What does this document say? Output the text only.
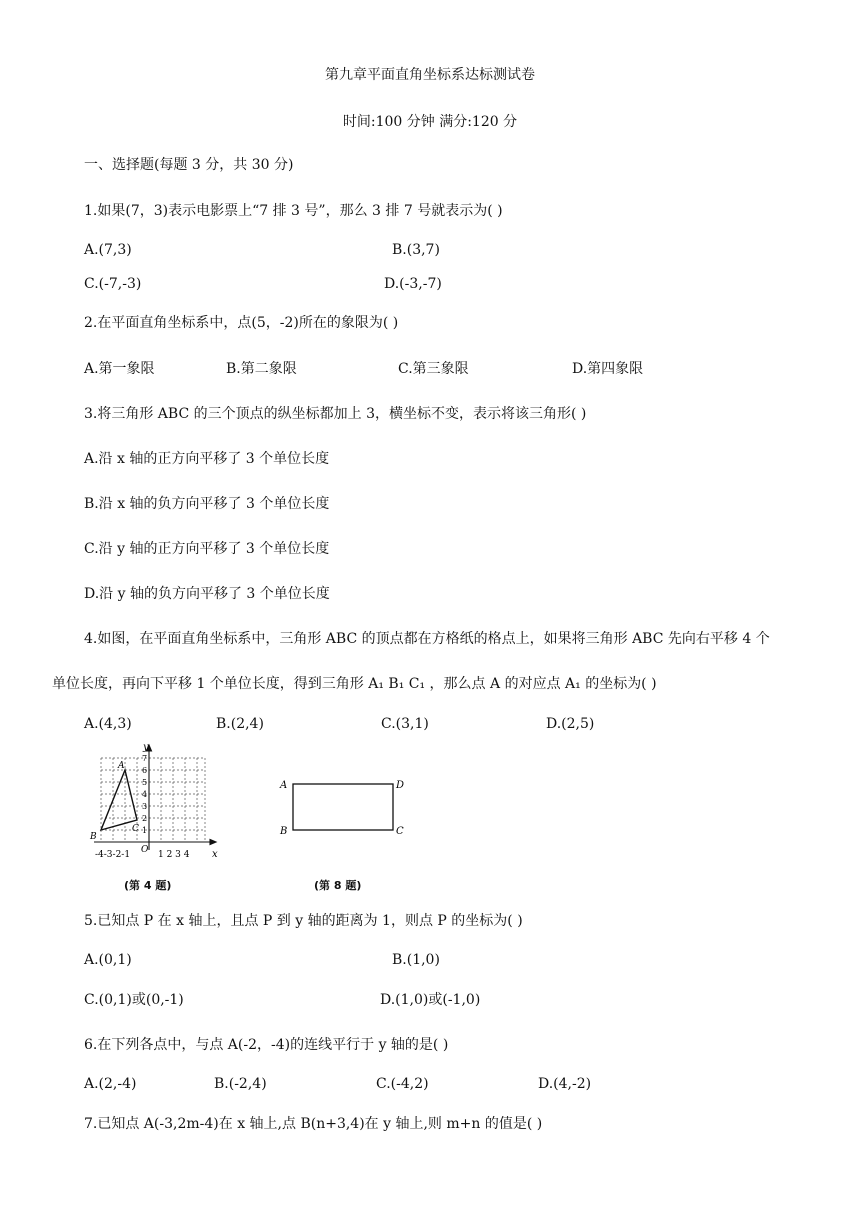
第九章平面直角坐标系达标测试卷
时间:100 分钟 满分:120 分
一、选择题(每题 3 分，共 30 分)
1.如果(7，3)表示电影票上“7 排 3 号”，那么 3 排 7 号就表示为( )
A.(7,3)	B.(3,7)
C.(-7,-3)	D.(-3,-7)
2.在平面直角坐标系中，点(5，-2)所在的象限为( )
A.第一象限	B.第二象限	C.第三象限	D.第四象限
3.将三角形 ABC 的三个顶点的纵坐标都加上 3，横坐标不变，表示将该三角形( )
A.沿 x 轴的正方向平移了 3 个单位长度
B.沿 x 轴的负方向平移了 3 个单位长度
C.沿 y 轴的正方向平移了 3 个单位长度
D.沿 y 轴的负方向平移了 3 个单位长度
4.如图，在平面直角坐标系中，三角形 ABC 的顶点都在方格纸的格点上，如果将三角形 ABC 先向右平移 4 个
单位长度，再向下平移 1 个单位长度，得到三角形 A₁ B₁ C₁ ，那么点 A 的对应点 A₁ 的坐标为( )
A.(4,3)	B.(2,4)	C.(3,1)	D.(2,5)
y
x
O
7
6
5
4
3
2
1
-4-3-2-1	1 2 3 4
A
B
C
(第 4 题)
A	D
B	C
(第 8 题)
5.已知点 P 在 x 轴上，且点 P 到 y 轴的距离为 1，则点 P 的坐标为( )
A.(0,1)	B.(1,0)
C.(0,1)或(0,-1)	D.(1,0)或(-1,0)
6.在下列各点中，与点 A(-2，-4)的连线平行于 y 轴的是( )
A.(2,-4)	B.(-2,4)	C.(-4,2)	D.(4,-2)
7.已知点 A(-3,2m-4)在 x 轴上,点 B(n+3,4)在 y 轴上,则 m+n 的值是( )
